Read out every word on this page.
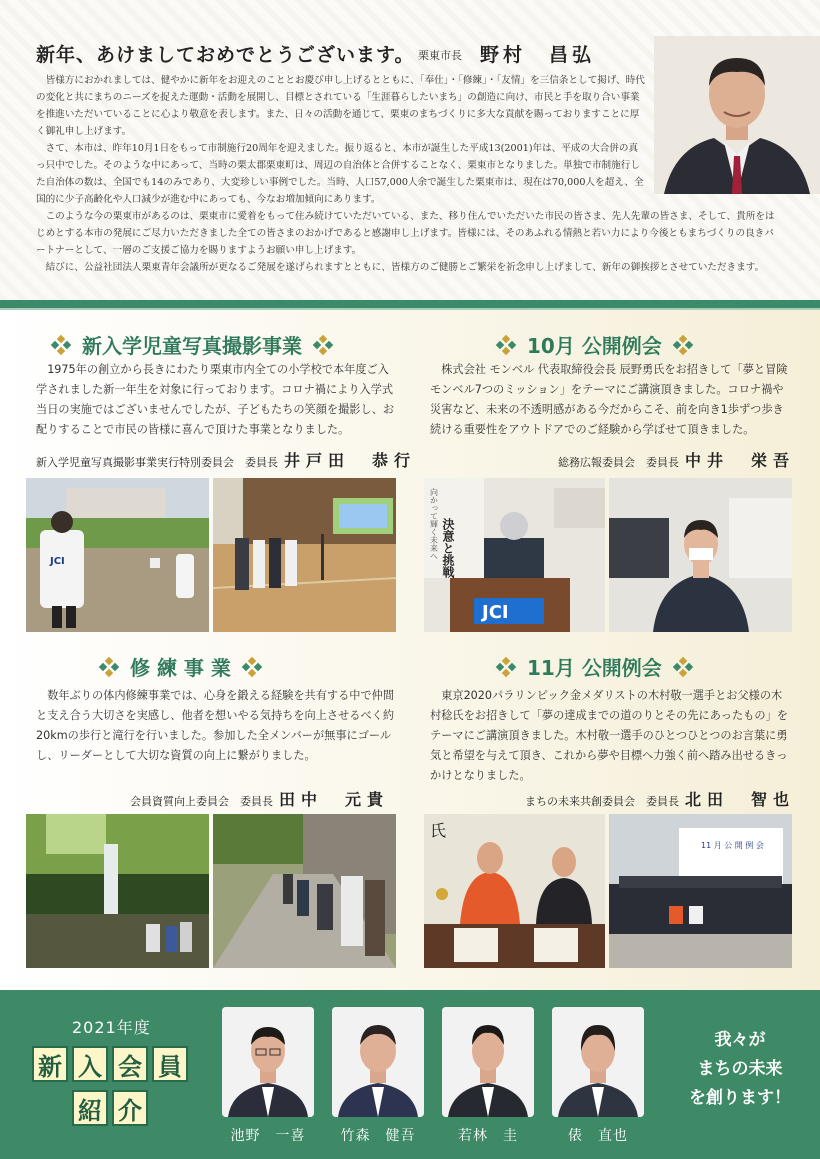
新年、あけましておめでとうございます。 栗東市長 野村　昌弘

皆様方におかれましては、健やかに新年をお迎えのこととお慶び申し上げるとともに、「奉仕」・「修練」・「友情」を三信条として掲げ、時代の変化と共にまちのニーズを捉えた運動・活動を展開し、目標とされている「生涯暮らしたいまち」の創造に向け、市民と手を取り合い事業を推進いただいていることに心より敬意を表します。また、日々の活動を通じて、栗東のまちづくりに多大な貢献を賜っておりますことに厚く御礼申し上げます。

さて、本市は、昨年10月1日をもって市制施行20周年を迎えました。振り返ると、本市が誕生した平成13(2001)年は、平成の大合併の真っ只中でした。そのような中にあって、当時の栗太郡栗東町は、周辺の自治体と合併することなく、栗東市となりました。単独で市制施行した自治体の数は、全国でも14のみであり、大変珍しい事例でした。当時、人口57,000人余で誕生した栗東市は、現在は70,000人を超え、全国的に少子高齢化や人口減少が進む中にあっても、今なお増加傾向にあります。

このような今の栗東市があるのは、栗東市に愛着をもって住み続けていただいている、また、移り住んでいただいた市民の皆さま、先人先輩の皆さま、そして、貴所をはじめとする本市の発展にご尽力いただきました全ての皆さまのおかげであると感謝申し上げます。皆様には、そのあふれる情熱と若い力により今後ともまちづくりの良きパートナーとして、一層のご支援ご協力を賜りますようお願い申し上げます。

結びに、公益社団法人栗東青年会議所が更なるご発展を遂げられますとともに、皆様方のご健勝とご繁栄を祈念申し上げまして、新年の御挨拶とさせていただきます。

新入学児童写真撮影事業

1975年の創立から長きにわたり栗東市内全ての小学校で本年度ご入学されました新一年生を対象に行っております。コロナ禍により入学式当日の実施ではございませんでしたが、子どもたちの笑顔を撮影し、お配りすることで市民の皆様に喜んで頂けた事業となりました。

新入学児童写真撮影事業実行特別委員会　委員長 井戸田　恭行
JCI
10月 公開例会

株式会社 モンベル 代表取締役会長 辰野勇氏をお招きして「夢と冒険モンベル7つのミッション」をテーマにご講演頂きました。コロナ禍や災害など、未来の不透明感がある今だからこそ、前を向き1歩ずつ歩き続ける重要性をアウトドアでのご経験から学ばせて頂きました。

総務広報委員会　委員長 中井　栄吾
決意と挑戦
向かって輝く未来へ
JCI
修 練 事 業

数年ぶりの体内修練事業では、心身を鍛える経験を共有する中で仲間と支え合う大切さを実感し、他者を想いやる気持ちを向上させるべく約20kmの歩行と滝行を行いました。参加した全メンバーが無事にゴールし、リーダーとして大切な資質の向上に繋がりました。

会員資質向上委員会　委員長 田中　元貴
11月 公開例会

東京2020パラリンピック金メダリストの木村敬一選手とお父様の木村稔氏をお招きして「夢の達成までの道のりとその先にあったもの」をテーマにご講演頂きました。木村敬一選手のひとつひとつのお言葉に勇気と希望を与えて頂き、これから夢や目標へ力強く前へ踏み出せるきっかけとなりました。

まちの未来共創委員会　委員長 北田　智也
氏
11 月 公 開 例 会
2021年度
新 入 会 員
紹 介
池野　一喜	竹森　健吾	若林　圭	俵　直也
我々が
まちの未来
を創ります！
